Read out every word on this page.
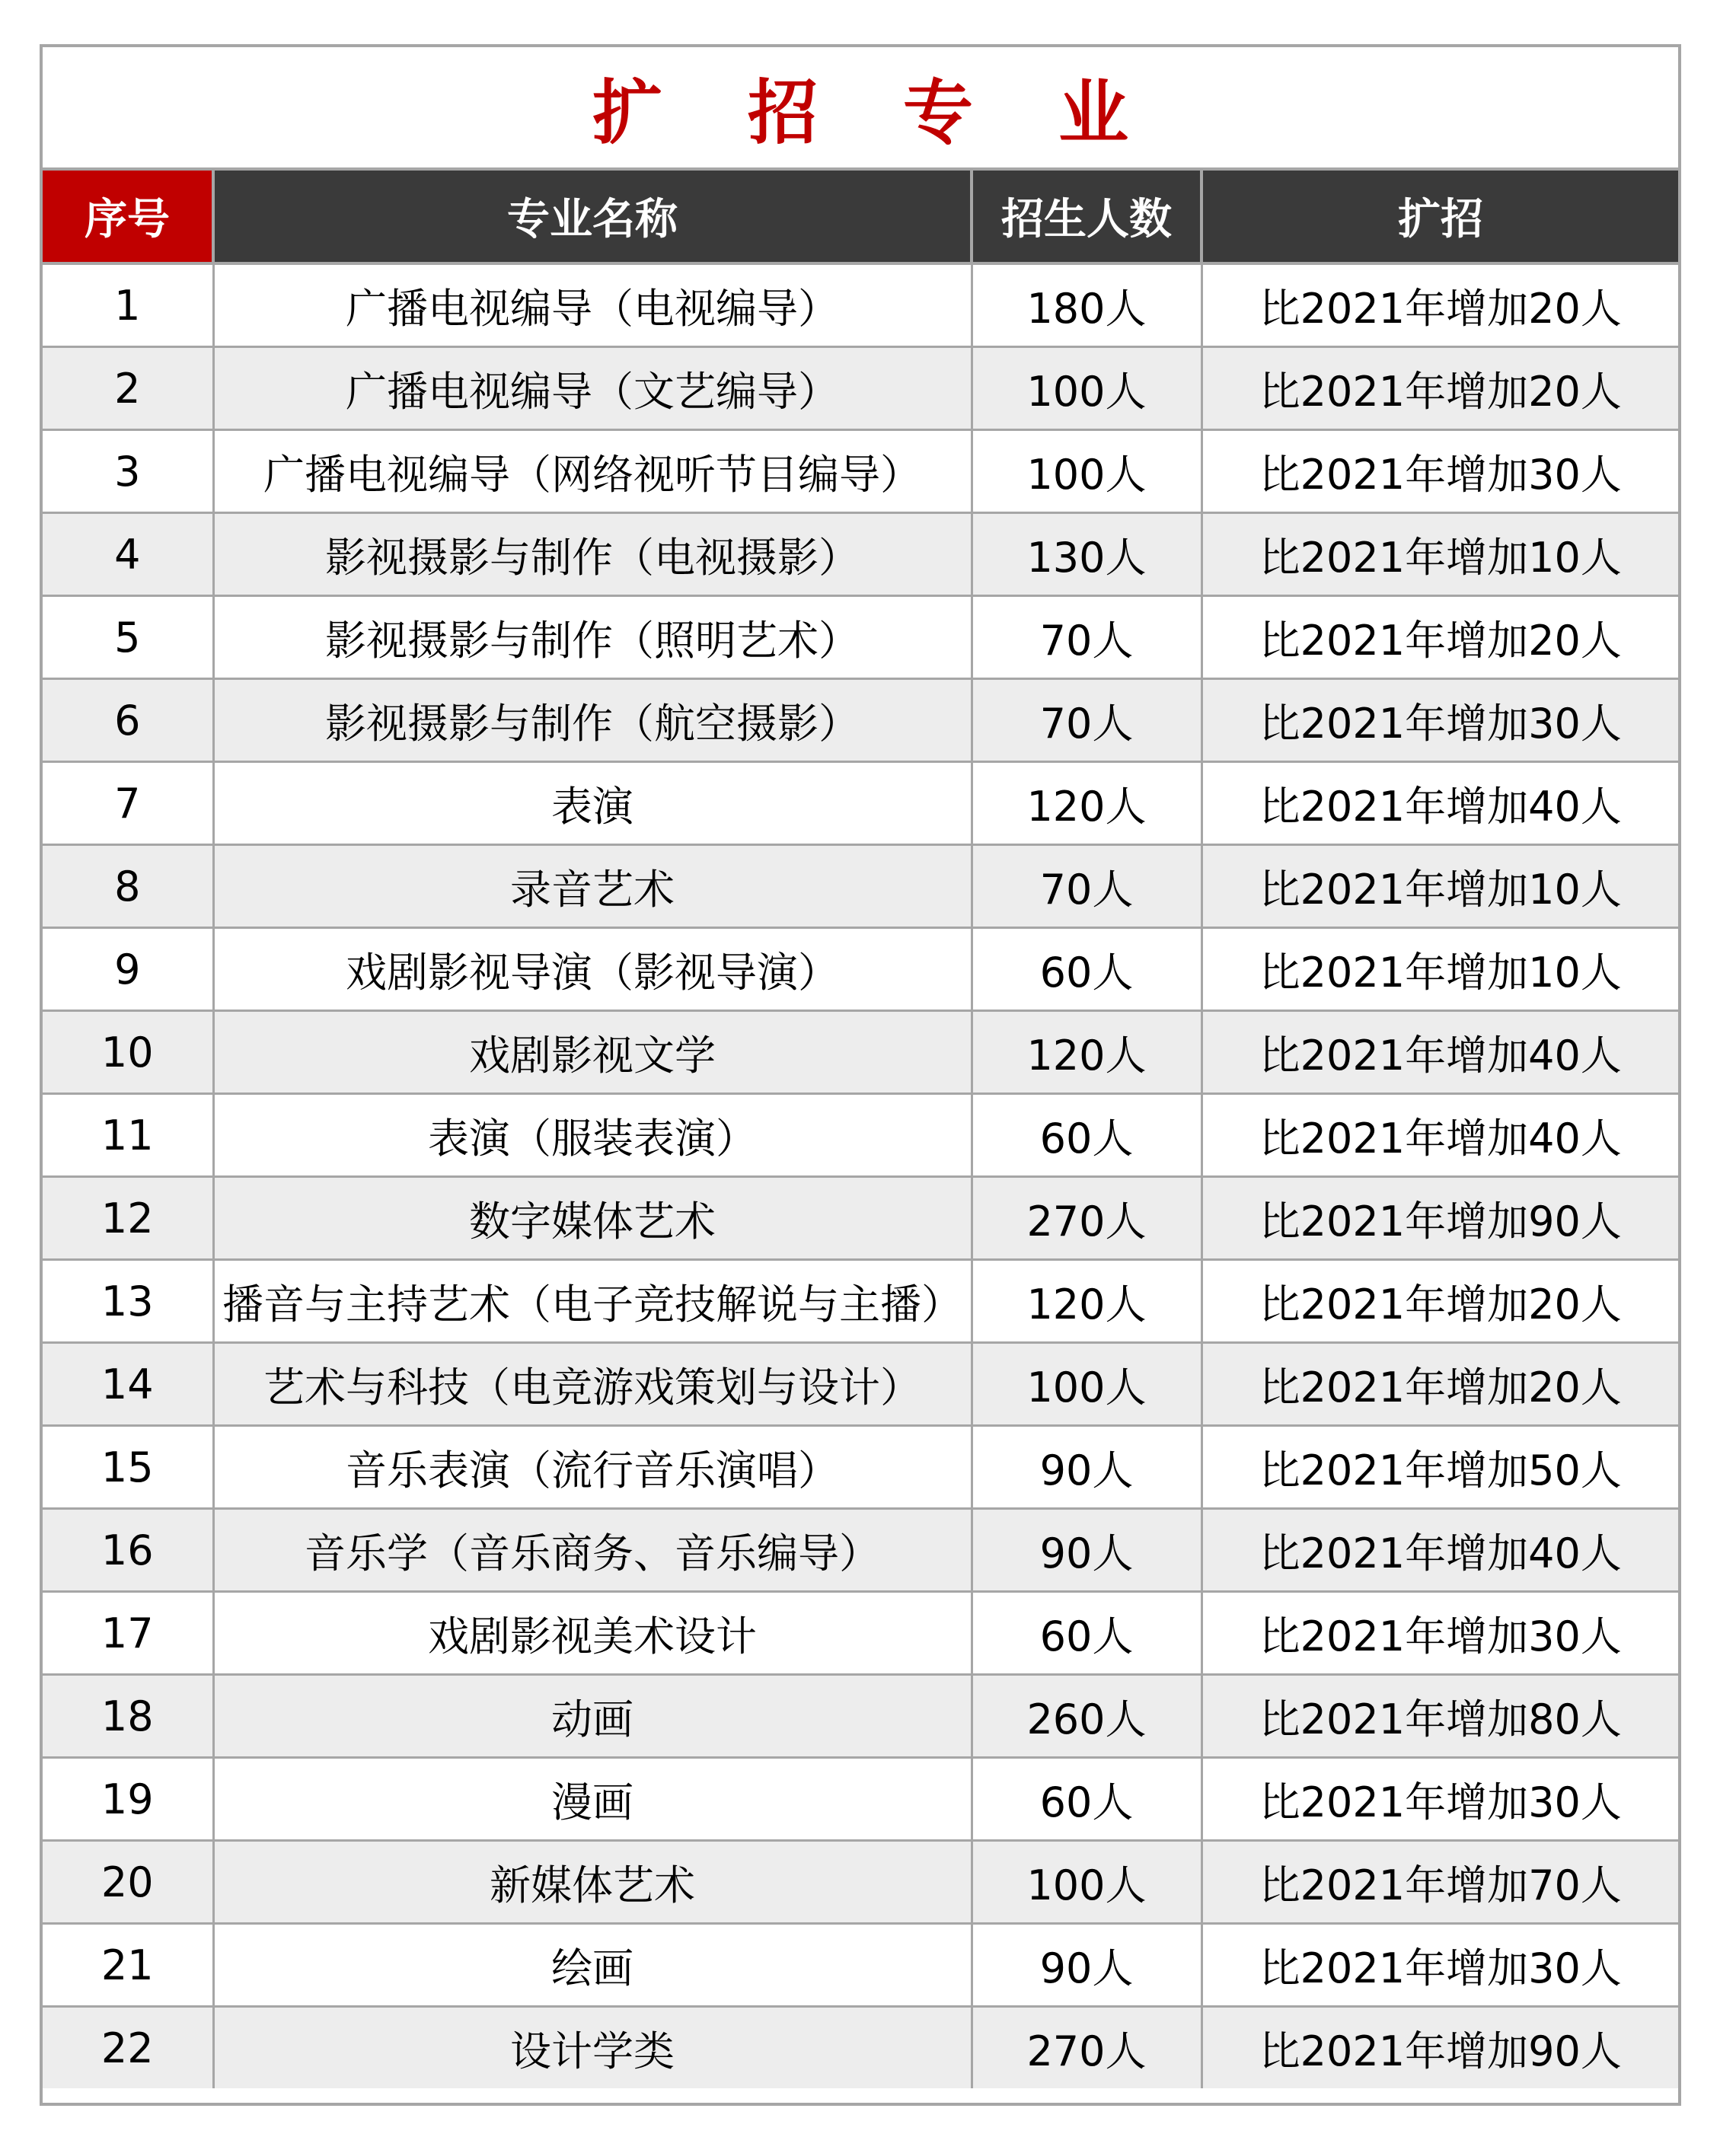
扩 招 专 业
序号	专业名称	招生人数	扩招
1	广播电视编导（电视编导）	180人	比2021年增加20人
2	广播电视编导（文艺编导）	100人	比2021年增加20人
3	广播电视编导（网络视听节目编导）	100人	比2021年增加30人
4	影视摄影与制作（电视摄影）	130人	比2021年增加10人
5	影视摄影与制作（照明艺术）	70人	比2021年增加20人
6	影视摄影与制作（航空摄影）	70人	比2021年增加30人
7	表演	120人	比2021年增加40人
8	录音艺术	70人	比2021年增加10人
9	戏剧影视导演（影视导演）	60人	比2021年增加10人
10	戏剧影视文学	120人	比2021年增加40人
11	表演（服装表演）	60人	比2021年增加40人
12	数字媒体艺术	270人	比2021年增加90人
13	播音与主持艺术（电子竞技解说与主播）	120人	比2021年增加20人
14	艺术与科技（电竞游戏策划与设计）	100人	比2021年增加20人
15	音乐表演（流行音乐演唱）	90人	比2021年增加50人
16	音乐学（音乐商务、音乐编导）	90人	比2021年增加40人
17	戏剧影视美术设计	60人	比2021年增加30人
18	动画	260人	比2021年增加80人
19	漫画	60人	比2021年增加30人
20	新媒体艺术	100人	比2021年增加70人
21	绘画	90人	比2021年增加30人
22	设计学类	270人	比2021年增加90人
